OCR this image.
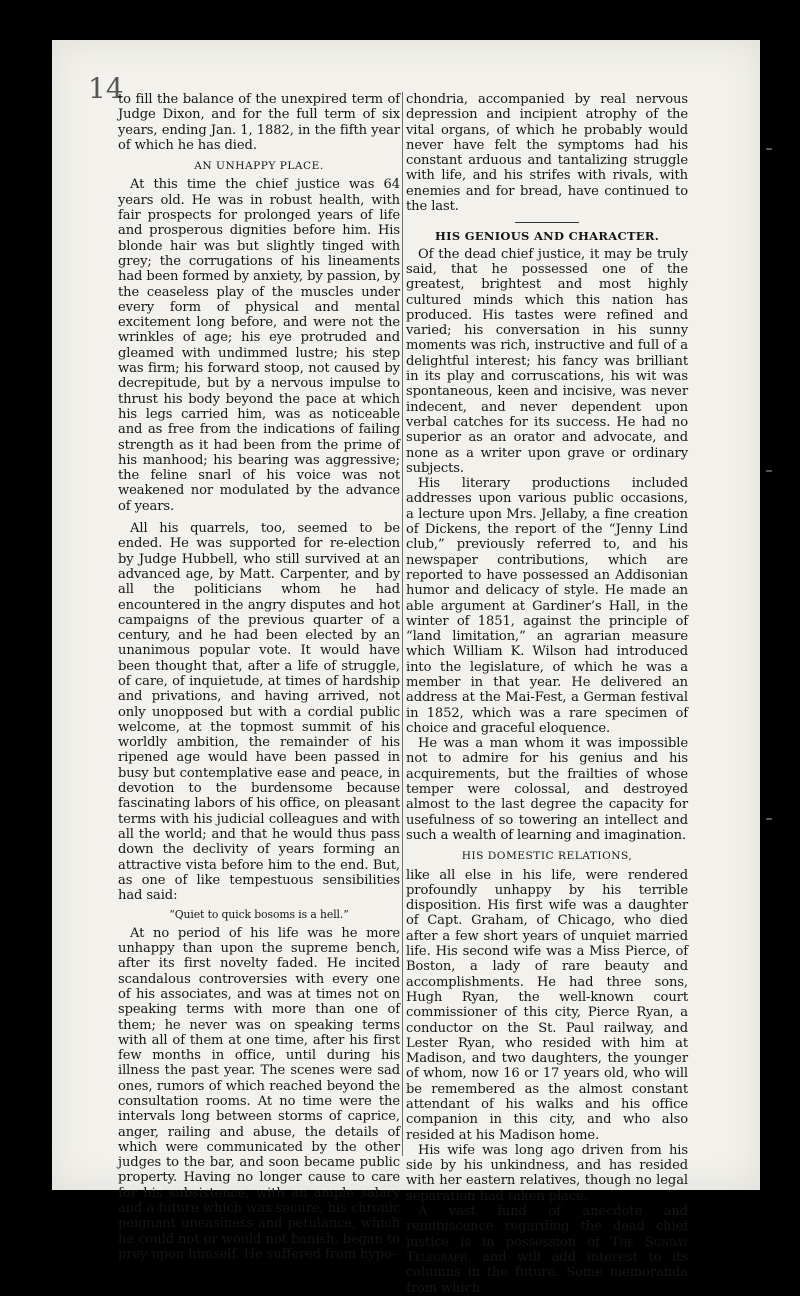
14

to fill the balance of the unexpired term of Judge Dixon, and for the full term of six years, ending Jan. 1, 1882, in the fifth year of which he has died.

AN UNHAPPY PLACE.

At this time the chief justice was 64 years old. He was in robust health, with fair prospects for prolonged years of life and prosperous dignities before him. His blonde hair was but slightly tinged with grey; the corrugations of his lineaments had been formed by anxiety, by passion, by the ceaseless play of the muscles under every form of physical and mental excitement long before, and were not the wrinkles of age; his eye protruded and gleamed with undimmed lustre; his step was firm; his forward stoop, not caused by decrepitude, but by a nervous impulse to thrust his body beyond the pace at which his legs carried him, was as noticeable and as free from the indications of failing strength as it had been from the prime of his manhood; his bearing was aggressive; the feline snarl of his voice was not weakened nor modulated by the advance of years.

All his quarrels, too, seemed to be ended. He was supported for re-election by Judge Hubbell, who still survived at an advanced age, by Matt. Carpenter, and by all the politicians whom he had encountered in the angry disputes and hot campaigns of the previous quarter of a century, and he had been elected by an unanimous popular vote. It would have been thought that, after a life of struggle, of care, of inquietude, at times of hardship and privations, and having arrived, not only unopposed but with a cordial public welcome, at the topmost summit of his worldly ambition, the remainder of his ripened age would have been passed in busy but contemplative ease and peace, in devotion to the burdensome because fascinating labors of his office, on pleasant terms with his judicial colleagues and with all the world; and that he would thus pass down the declivity of years forming an attractive vista before him to the end. But, as one of like tempestuous sensibilities had said:

“Quiet to quick bosoms is a hell.”

At no period of his life was he more unhappy than upon the supreme bench, after its first novelty faded. He incited scandalous controversies with every one of his associates, and was at times not on speaking terms with more than one of them; he never was on speaking terms with all of them at one time, after his first few months in office, until during his illness the past year. The scenes were sad ones, rumors of which reached beyond the consultation rooms. At no time were the intervals long between storms of caprice, anger, railing and abuse, the details of which were communicated by the other judges to the bar, and soon became public property. Having no longer cause to care for his subsistence, with an ample salary and a future which was secure, his chronic poignant uneasiness and petulance, which he could not or would not banish, began to prey upon himself. He suffered from hypo-

chondria, accompanied by real nervous depression and incipient atrophy of the vital organs, of which he probably would never have felt the symptoms had his constant arduous and tantalizing struggle with life, and his strifes with rivals, with enemies and for bread, have continued to the last.

HIS GENIOUS AND CHARACTER.

Of the dead chief justice, it may be truly said, that he possessed one of the greatest, brightest and most highly cultured minds which this nation has produced. His tastes were refined and varied; his conversation in his sunny moments was rich, instructive and full of a delightful interest; his fancy was brilliant in its play and corruscations, his wit was spontaneous, keen and incisive, was never indecent, and never dependent upon verbal catches for its success. He had no superior as an orator and advocate, and none as a writer upon grave or ordinary subjects.

His literary productions included addresses upon various public occasions, a lecture upon Mrs. Jellaby, a fine creation of Dickens, the report of the “Jenny Lind club,” previously referred to, and his newspaper contributions, which are reported to have possessed an Addisonian humor and delicacy of style. He made an able argument at Gardiner’s Hall, in the winter of 1851, against the principle of “land limitation,” an agrarian measure which William K. Wilson had introduced into the legislature, of which he was a member in that year. He delivered an address at the Mai-Fest, a German festival in 1852, which was a rare specimen of choice and graceful eloquence.

He was a man whom it was impossible not to admire for his genius and his acquirements, but the frailties of whose temper were colossal, and destroyed almost to the last degree the capacity for usefulness of so towering an intellect and such a wealth of learning and imagination.

HIS DOMESTIC RELATIONS,

like all else in his life, were rendered profoundly unhappy by his terrible disposition. His first wife was a daughter of Capt. Graham, of Chicago, who died after a few short years of unquiet married life. His second wife was a Miss Pierce, of Boston, a lady of rare beauty and accomplishments. He had three sons, Hugh Ryan, the well-known court commissioner of this city, Pierce Ryan, a conductor on the St. Paul railway, and Lester Ryan, who resided with him at Madison, and two daughters, the younger of whom, now 16 or 17 years old, who will be remembered as the almost constant attendant of his walks and his office companion in this city, and who also resided at his Madison home.

His wife was long ago driven from his side by his unkindness, and has resided with her eastern relatives, though no legal separation had taken place.

A vast fund of anecdote and reminiscence regarding the dead chief justice is in possession of The Sunday Telegraph, and will add interest to its columns in the future. Some memoranda from which
